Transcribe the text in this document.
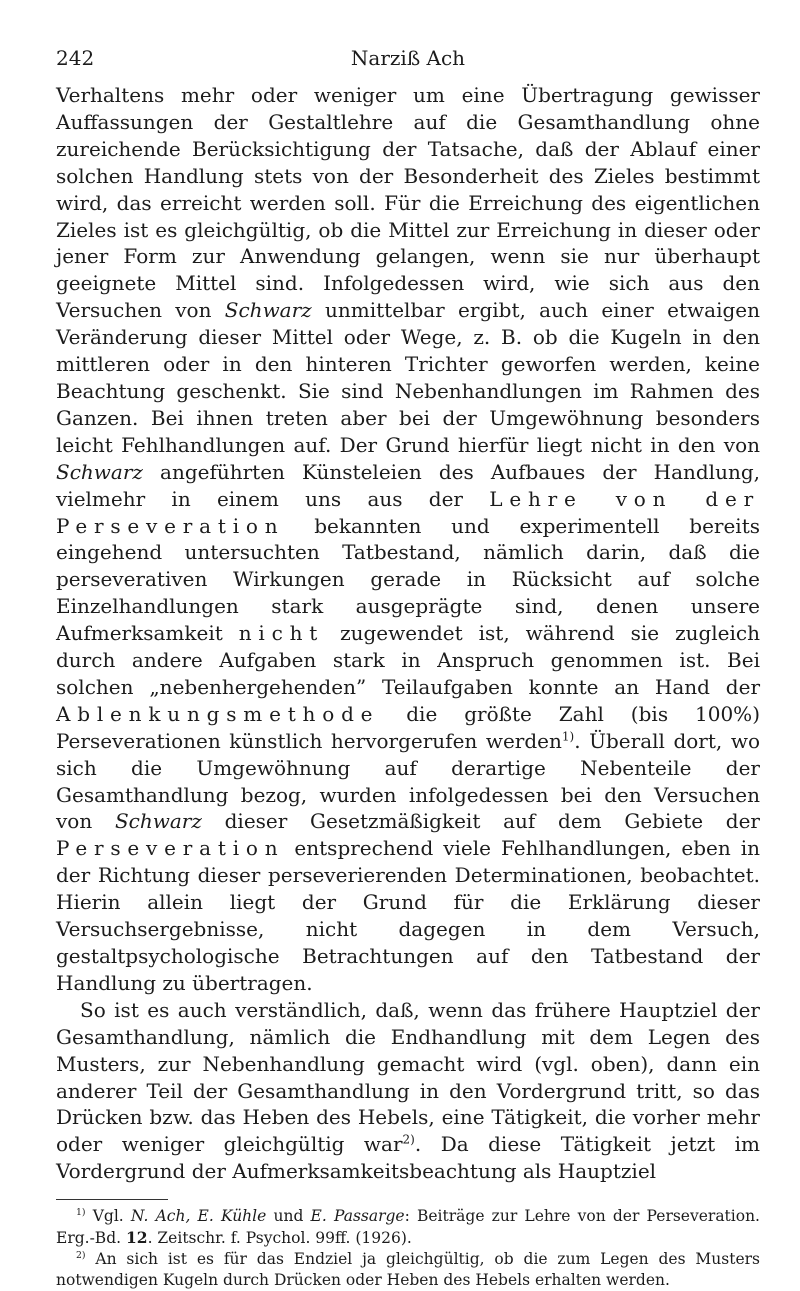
242	Narziß Ach

Verhaltens mehr oder weniger um eine Übertragung gewisser Auffassungen der Gestaltlehre auf die Gesamthandlung ohne zureichende Berücksichtigung der Tatsache, daß der Ablauf einer solchen Handlung stets von der Besonderheit des Zieles bestimmt wird, das erreicht werden soll. Für die Erreichung des eigentlichen Zieles ist es gleichgültig, ob die Mittel zur Erreichung in dieser oder jener Form zur Anwendung gelangen, wenn sie nur überhaupt geeignete Mittel sind. Infolgedessen wird, wie sich aus den Versuchen von Schwarz unmittelbar ergibt, auch einer etwaigen Veränderung dieser Mittel oder Wege, z. B. ob die Kugeln in den mittleren oder in den hinteren Trichter geworfen werden, keine Beachtung geschenkt. Sie sind Nebenhandlungen im Rahmen des Ganzen. Bei ihnen treten aber bei der Umgewöhnung besonders leicht Fehlhandlungen auf. Der Grund hierfür liegt nicht in den von Schwarz angeführten Künsteleien des Aufbaues der Handlung, vielmehr in einem uns aus der Lehre von der Perseveration bekannten und experimentell bereits eingehend untersuchten Tatbestand, nämlich darin, daß die perseverativen Wirkungen gerade in Rücksicht auf solche Einzelhandlungen stark ausgeprägte sind, denen unsere Aufmerksamkeit nicht zugewendet ist, während sie zugleich durch andere Aufgaben stark in Anspruch genommen ist. Bei solchen „nebenhergehenden” Teilaufgaben konnte an Hand der Ablenkungsmethode die größte Zahl (bis 100%) Perseverationen künstlich hervorgerufen werden$^{1)}$. Überall dort, wo sich die Umgewöhnung auf derartige Nebenteile der Gesamthandlung bezog, wurden infolgedessen bei den Versuchen von Schwarz dieser Gesetzmäßigkeit auf dem Gebiete der Perseveration entsprechend viele Fehlhandlungen, eben in der Richtung dieser perseverierenden Determinationen, beobachtet. Hierin allein liegt der Grund für die Erklärung dieser Versuchsergebnisse, nicht dagegen in dem Versuch, gestaltpsychologische Betrachtungen auf den Tatbestand der Handlung zu übertragen.

So ist es auch verständlich, daß, wenn das frühere Hauptziel der Gesamthandlung, nämlich die Endhandlung mit dem Legen des Musters, zur Nebenhandlung gemacht wird (vgl. oben), dann ein anderer Teil der Gesamthandlung in den Vordergrund tritt, so das Drücken bzw. das Heben des Hebels, eine Tätigkeit, die vorher mehr oder weniger gleichgültig war$^{2)}$. Da diese Tätigkeit jetzt im Vordergrund der Aufmerksamkeitsbeachtung als Hauptziel

$^{1)}$ Vgl. N. Ach, E. Kühle und E. Passarge: Beiträge zur Lehre von der Perseveration. Erg.-Bd. 12. Zeitschr. f. Psychol. 99ff. (1926).

$^{2)}$ An sich ist es für das Endziel ja gleichgültig, ob die zum Legen des Musters notwendigen Kugeln durch Drücken oder Heben des Hebels erhalten werden.
